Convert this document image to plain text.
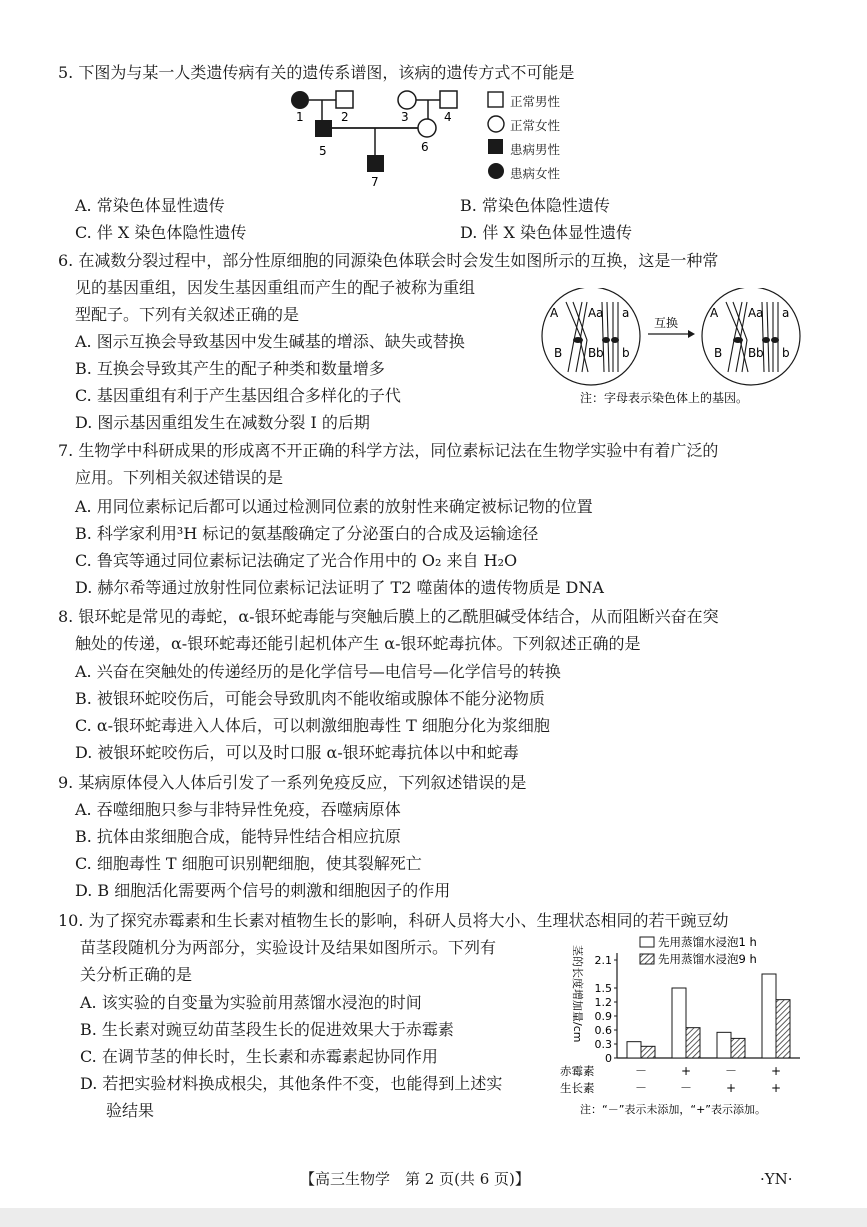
5. 下图为与某一人类遗传病有关的遗传系谱图，该病的遗传方式不可能是
1	2	3	4
5	6
7
正常男性
正常女性
患病男性
患病女性
A. 常染色体显性遗传	B. 常染色体隐性遗传
C. 伴 X 染色体隐性遗传	D. 伴 X 染色体显性遗传
6. 在减数分裂过程中，部分性原细胞的同源染色体联会时会发生如图所示的互换，这是一种常
见的基因重组，因发生基因重组而产生的配子被称为重组
型配子。下列有关叙述正确的是
A. 图示互换会导致基因中发生碱基的增添、缺失或替换
B. 互换会导致其产生的配子种类和数量增多
C. 基因重组有利于产生基因组合多样化的子代
D. 图示基因重组发生在减数分裂 Ⅰ 的后期
A A a a
B B b b
互换
A A a a
B B b b
注：字母表示染色体上的基因。
7. 生物学中科研成果的形成离不开正确的科学方法，同位素标记法在生物学实验中有着广泛的
应用。下列相关叙述错误的是
A. 用同位素标记后都可以通过检测同位素的放射性来确定被标记物的位置
B. 科学家利用³H 标记的氨基酸确定了分泌蛋白的合成及运输途径
C. 鲁宾等通过同位素标记法确定了光合作用中的 O₂ 来自 H₂O
D. 赫尔希等通过放射性同位素标记法证明了 T2 噬菌体的遗传物质是 DNA
8. 银环蛇是常见的毒蛇，α-银环蛇毒能与突触后膜上的乙酰胆碱受体结合，从而阻断兴奋在突
触处的传递，α-银环蛇毒还能引起机体产生 α-银环蛇毒抗体。下列叙述正确的是
A. 兴奋在突触处的传递经历的是化学信号—电信号—化学信号的转换
B. 被银环蛇咬伤后，可能会导致肌肉不能收缩或腺体不能分泌物质
C. α-银环蛇毒进入人体后，可以刺激细胞毒性 T 细胞分化为浆细胞
D. 被银环蛇咬伤后，可以及时口服 α-银环蛇毒抗体以中和蛇毒
9. 某病原体侵入人体后引发了一系列免疫反应，下列叙述错误的是
A. 吞噬细胞只参与非特异性免疫，吞噬病原体
B. 抗体由浆细胞合成，能特异性结合相应抗原
C. 细胞毒性 T 细胞可识别靶细胞，使其裂解死亡
D. B 细胞活化需要两个信号的刺激和细胞因子的作用
10. 为了探究赤霉素和生长素对植物生长的影响，科研人员将大小、生理状态相同的若干豌豆幼
苗茎段随机分为两部分，实验设计及结果如图所示。下列有
关分析正确的是
A. 该实验的自变量为实验前用蒸馏水浸泡的时间
B. 生长素对豌豆幼苗茎段生长的促进效果大于赤霉素
C. 在调节茎的伸长时，生长素和赤霉素起协同作用
D. 若把实验材料换成根尖，其他条件不变，也能得到上述实
验结果
茎的长度增加量/cm
0
0.3
0.6
0.9
1.2
1.5
2.1
先用蒸馏水浸泡1 h
先用蒸馏水浸泡9 h
赤霉素
生长素
－	+	－	+
－	－	+	+
注：“－”表示未添加，“+”表示添加。
【高三生物学　第 2 页(共 6 页)】	·YN·
